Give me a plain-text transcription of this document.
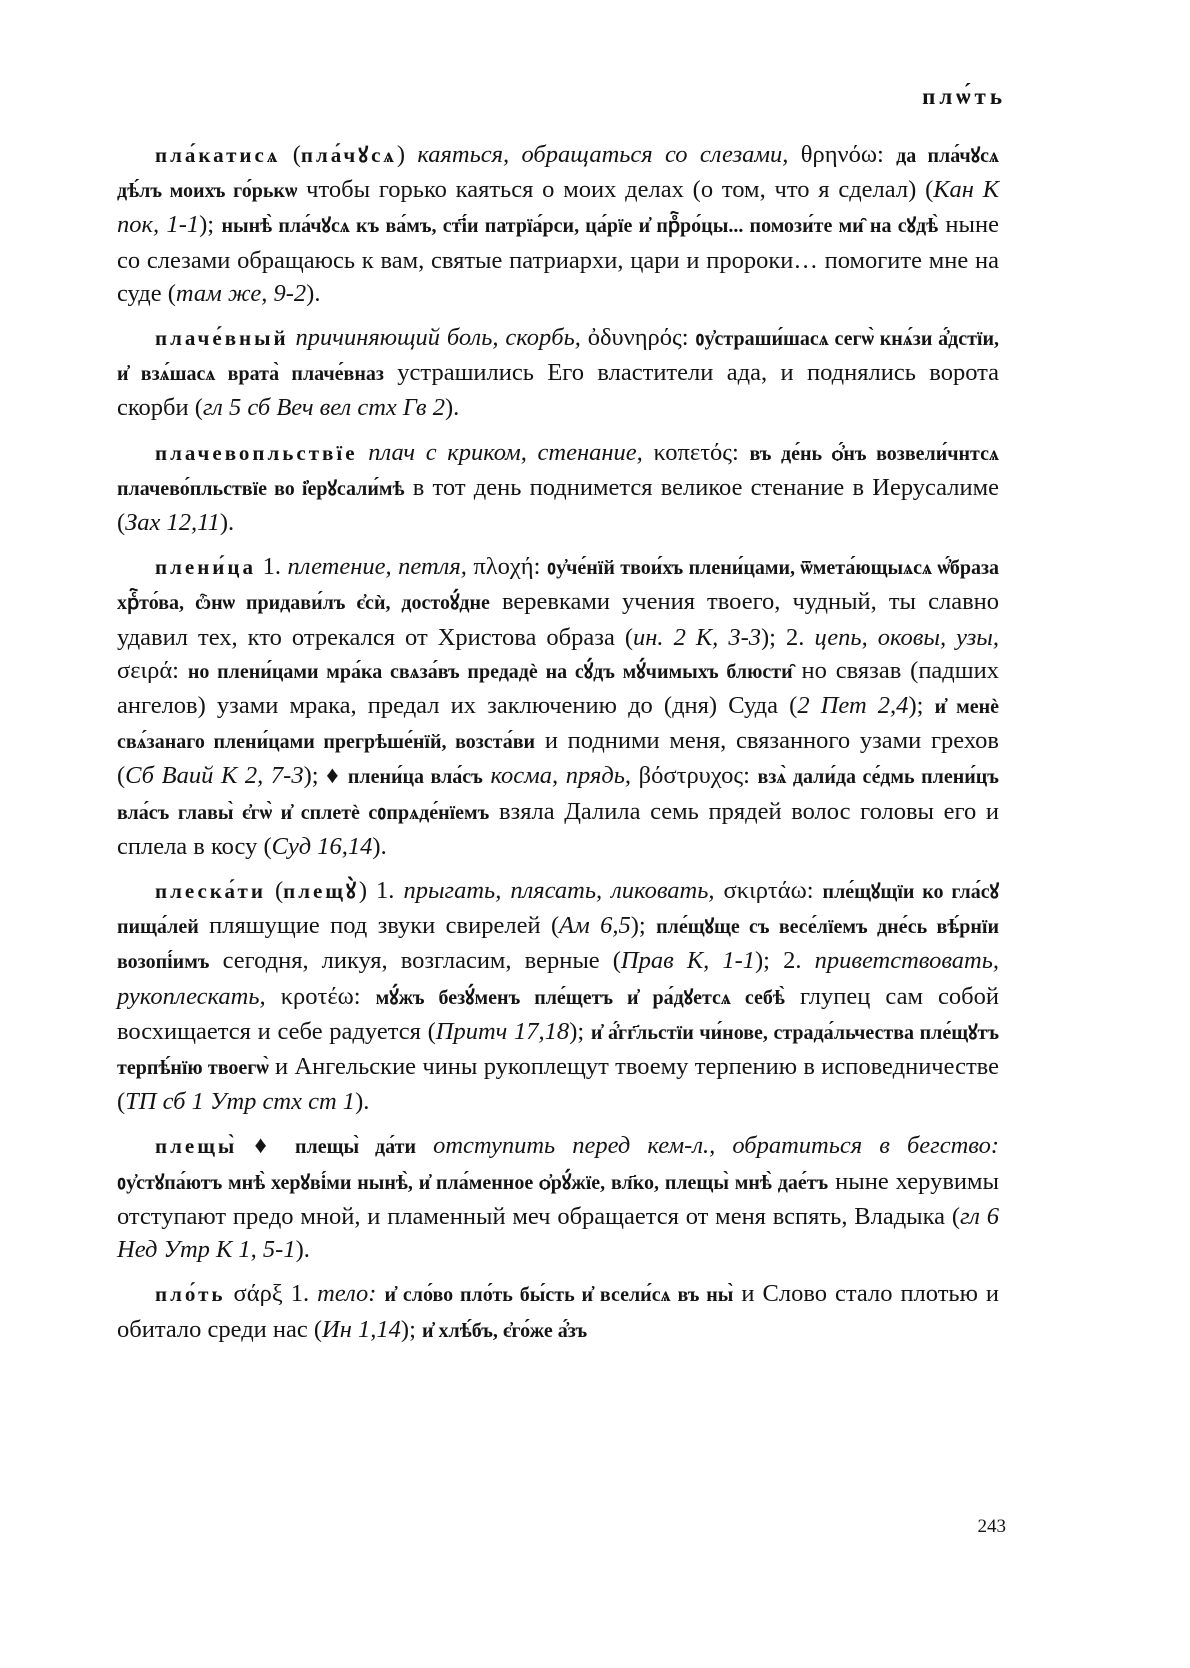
плѡ́ть

пла́катисѧ (пла́чꙋсѧ) каяться, обращаться со слезами, θρηνόω: да пла́чꙋсѧ дѣ́лъ моихъ го́рькѡ чтобы горько каяться о моих делах (о том, что я сделал) (Кан К пок, 1-1); нынѣ̀ пла́чꙋсѧ къ ва́мъ, ст҃і́и патрїа́рси, ца́рїе и҆ прⷪ҇ро́цы... помози́те ми̑ на сꙋдѣ̀ ныне со слезами обращаюсь к вам, святые патриархи, цари и пророки… помогите мне на суде (там же, 9-2).

плаче́вный причиняющий боль, скорбь, ὀδυνηρός: ᲂу҆страши́шасѧ сегѡ̀ кнѧ́зи а҆́дстїи, и҆ взѧ́шасѧ врата̀ плаче́вназ устрашились Его властители ада, и поднялись ворота скорби (гл 5 сб Веч вел стх Гв 2).

плачевопльствїе плач с криком, стенание, κοπετός: въ де́нь ѻ҆́нъ возвели́чнтсѧ плачево́пльствїе во і҆ерꙋсали́мѣ в тот день поднимется великое стенание в Иерусалиме (Зах 12,11).

плени́ца 1. плетение, петля, πλοχή: ᲂу҆че́нїй твои́хъ плени́цами, ѿмета́ющыѧсѧ ѡ҆́браза хрⷭ҇то́ва, ѽнѡ придави́лъ є҆сѝ, достоꙋ́дне веревками учения твоего, чудный, ты славно удавил тех, кто отрекался от Христова образа (ин. 2 К, 3-3); 2. цепь, оковы, узы, σειρά: но плени́цами мра́ка свѧза́въ предадѐ на сꙋ́дъ мꙋ́чимыхъ блюсти̑ но связав (падших ангелов) узами мрака, предал их заключению до (дня) Суда (2 Пет 2,4); и҆ менѐ свѧ́занаго плени́цами прегрѣше́нїй, возста́ви и подними меня, связанного узами грехов (Сб Ваий К 2, 7-3); ♦ плени́ца вла́съ косма, прядь, βόστρυχος: взѧ̀ дали́да се́дмь плени́цъ вла́съ главы̀ є҆гѡ̀ и҆ сплетѐ сᲂпрѧде́нїемъ взяла Далила семь прядей волос головы его и сплела в косу (Суд 16,14).

плеска́ти (плещꙋ̀) 1. прыгать, плясать, ликовать, σκιρτάω: пле́щꙋщїи ко гла́сꙋ пища́лей пляшущие под звуки свирелей (Ам 6,5); пле́щꙋще съ весе́лїемъ дне́сь вѣ́рнїи возопі́имъ сегодня, ликуя, возгласим, верные (Прав К, 1-1); 2. приветствовать, рукоплескать, κροτέω: мꙋ́жъ безꙋ́менъ пле́щетъ и҆ ра́дꙋетсѧ себѣ̀ глупец сам собой восхищается и себе радуется (Притч 17,18); и҆ а҆́гг҃льстїи чи́нове, страда́льчества пле́щꙋтъ терпѣ́нїю твоегѡ̀ и Ангельские чины рукоплещут твоему терпению в исповедничестве (ТП сб 1 Утр стх ст 1).

плещы̀ ♦ плещы̀ да́ти отступить перед кем-л., обратиться в бегство: ᲂу҆стꙋпа́ютъ мнѣ̀ херꙋві́ми нынѣ̀, и҆ пла́менное ѻ҆рꙋ́жїе, вл҃ко, плещы̀ мнѣ̀ дае́тъ ныне херувимы отступают предо мной, и пламенный меч обращается от меня вспять, Владыка (гл 6 Нед Утр К 1, 5-1).

пло́ть σάρξ 1. тело: и҆ сло́во пло́ть бы́сть и҆ всели́сѧ въ ны̀ и Слово стало плотью и обитало среди нас (Ин 1,14); и҆ хлѣ́бъ, є҆го́же а҆́зъ

243
